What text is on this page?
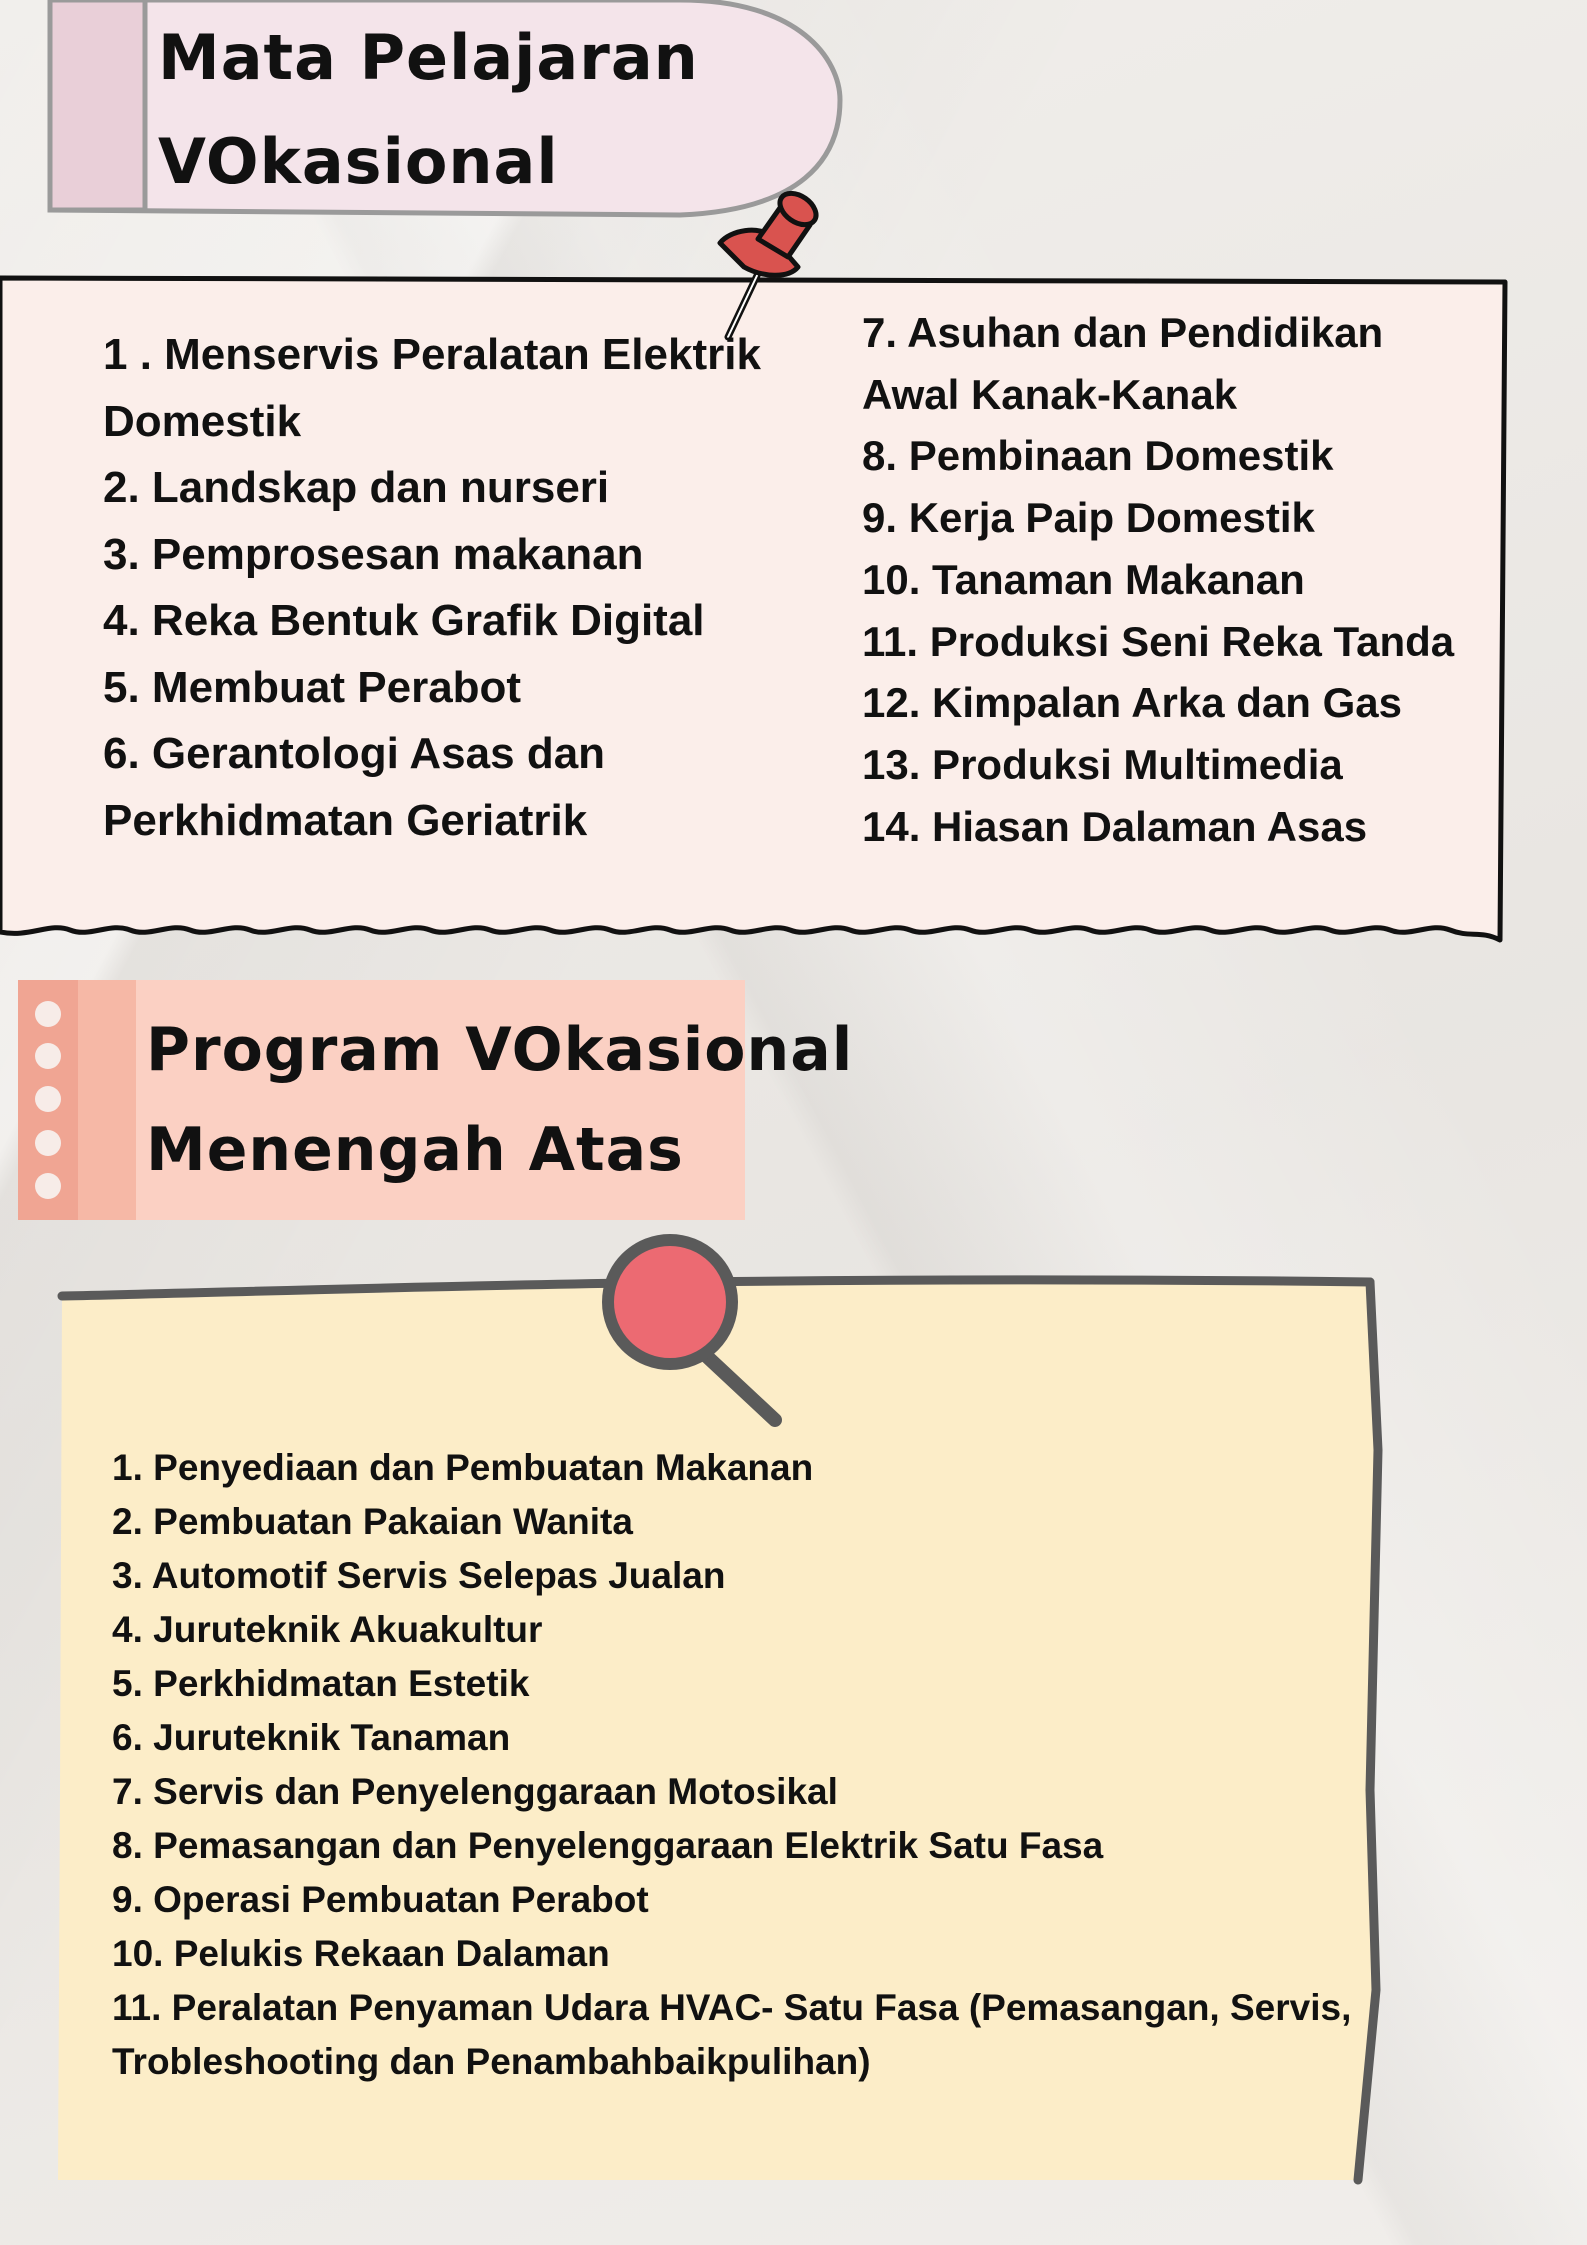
Mata Pelajaran
VOkasional
1 . Menservis Peralatan Elektrik Domestik
2. Landskap dan nurseri
3. Pemprosesan makanan
4. Reka Bentuk Grafik Digital
5. Membuat Perabot
6. Gerantologi Asas dan Perkhidmatan Geriatrik
7. Asuhan dan Pendidikan Awal Kanak-Kanak
8. Pembinaan Domestik
9. Kerja Paip Domestik
10. Tanaman Makanan
11. Produksi Seni Reka Tanda
12. Kimpalan Arka dan Gas
13. Produksi Multimedia
14. Hiasan Dalaman Asas
Program VOkasional
Menengah Atas
1. Penyediaan dan Pembuatan Makanan
2. Pembuatan Pakaian Wanita
3. Automotif Servis Selepas Jualan
4. Juruteknik Akuakultur
5. Perkhidmatan Estetik
6. Juruteknik Tanaman
7. Servis dan Penyelenggaraan Motosikal
8. Pemasangan dan Penyelenggaraan Elektrik Satu Fasa
9. Operasi Pembuatan Perabot
10. Pelukis Rekaan Dalaman
11. Peralatan Penyaman Udara HVAC- Satu Fasa (Pemasangan, Servis, Trobleshooting dan Penambahbaikpulihan)
